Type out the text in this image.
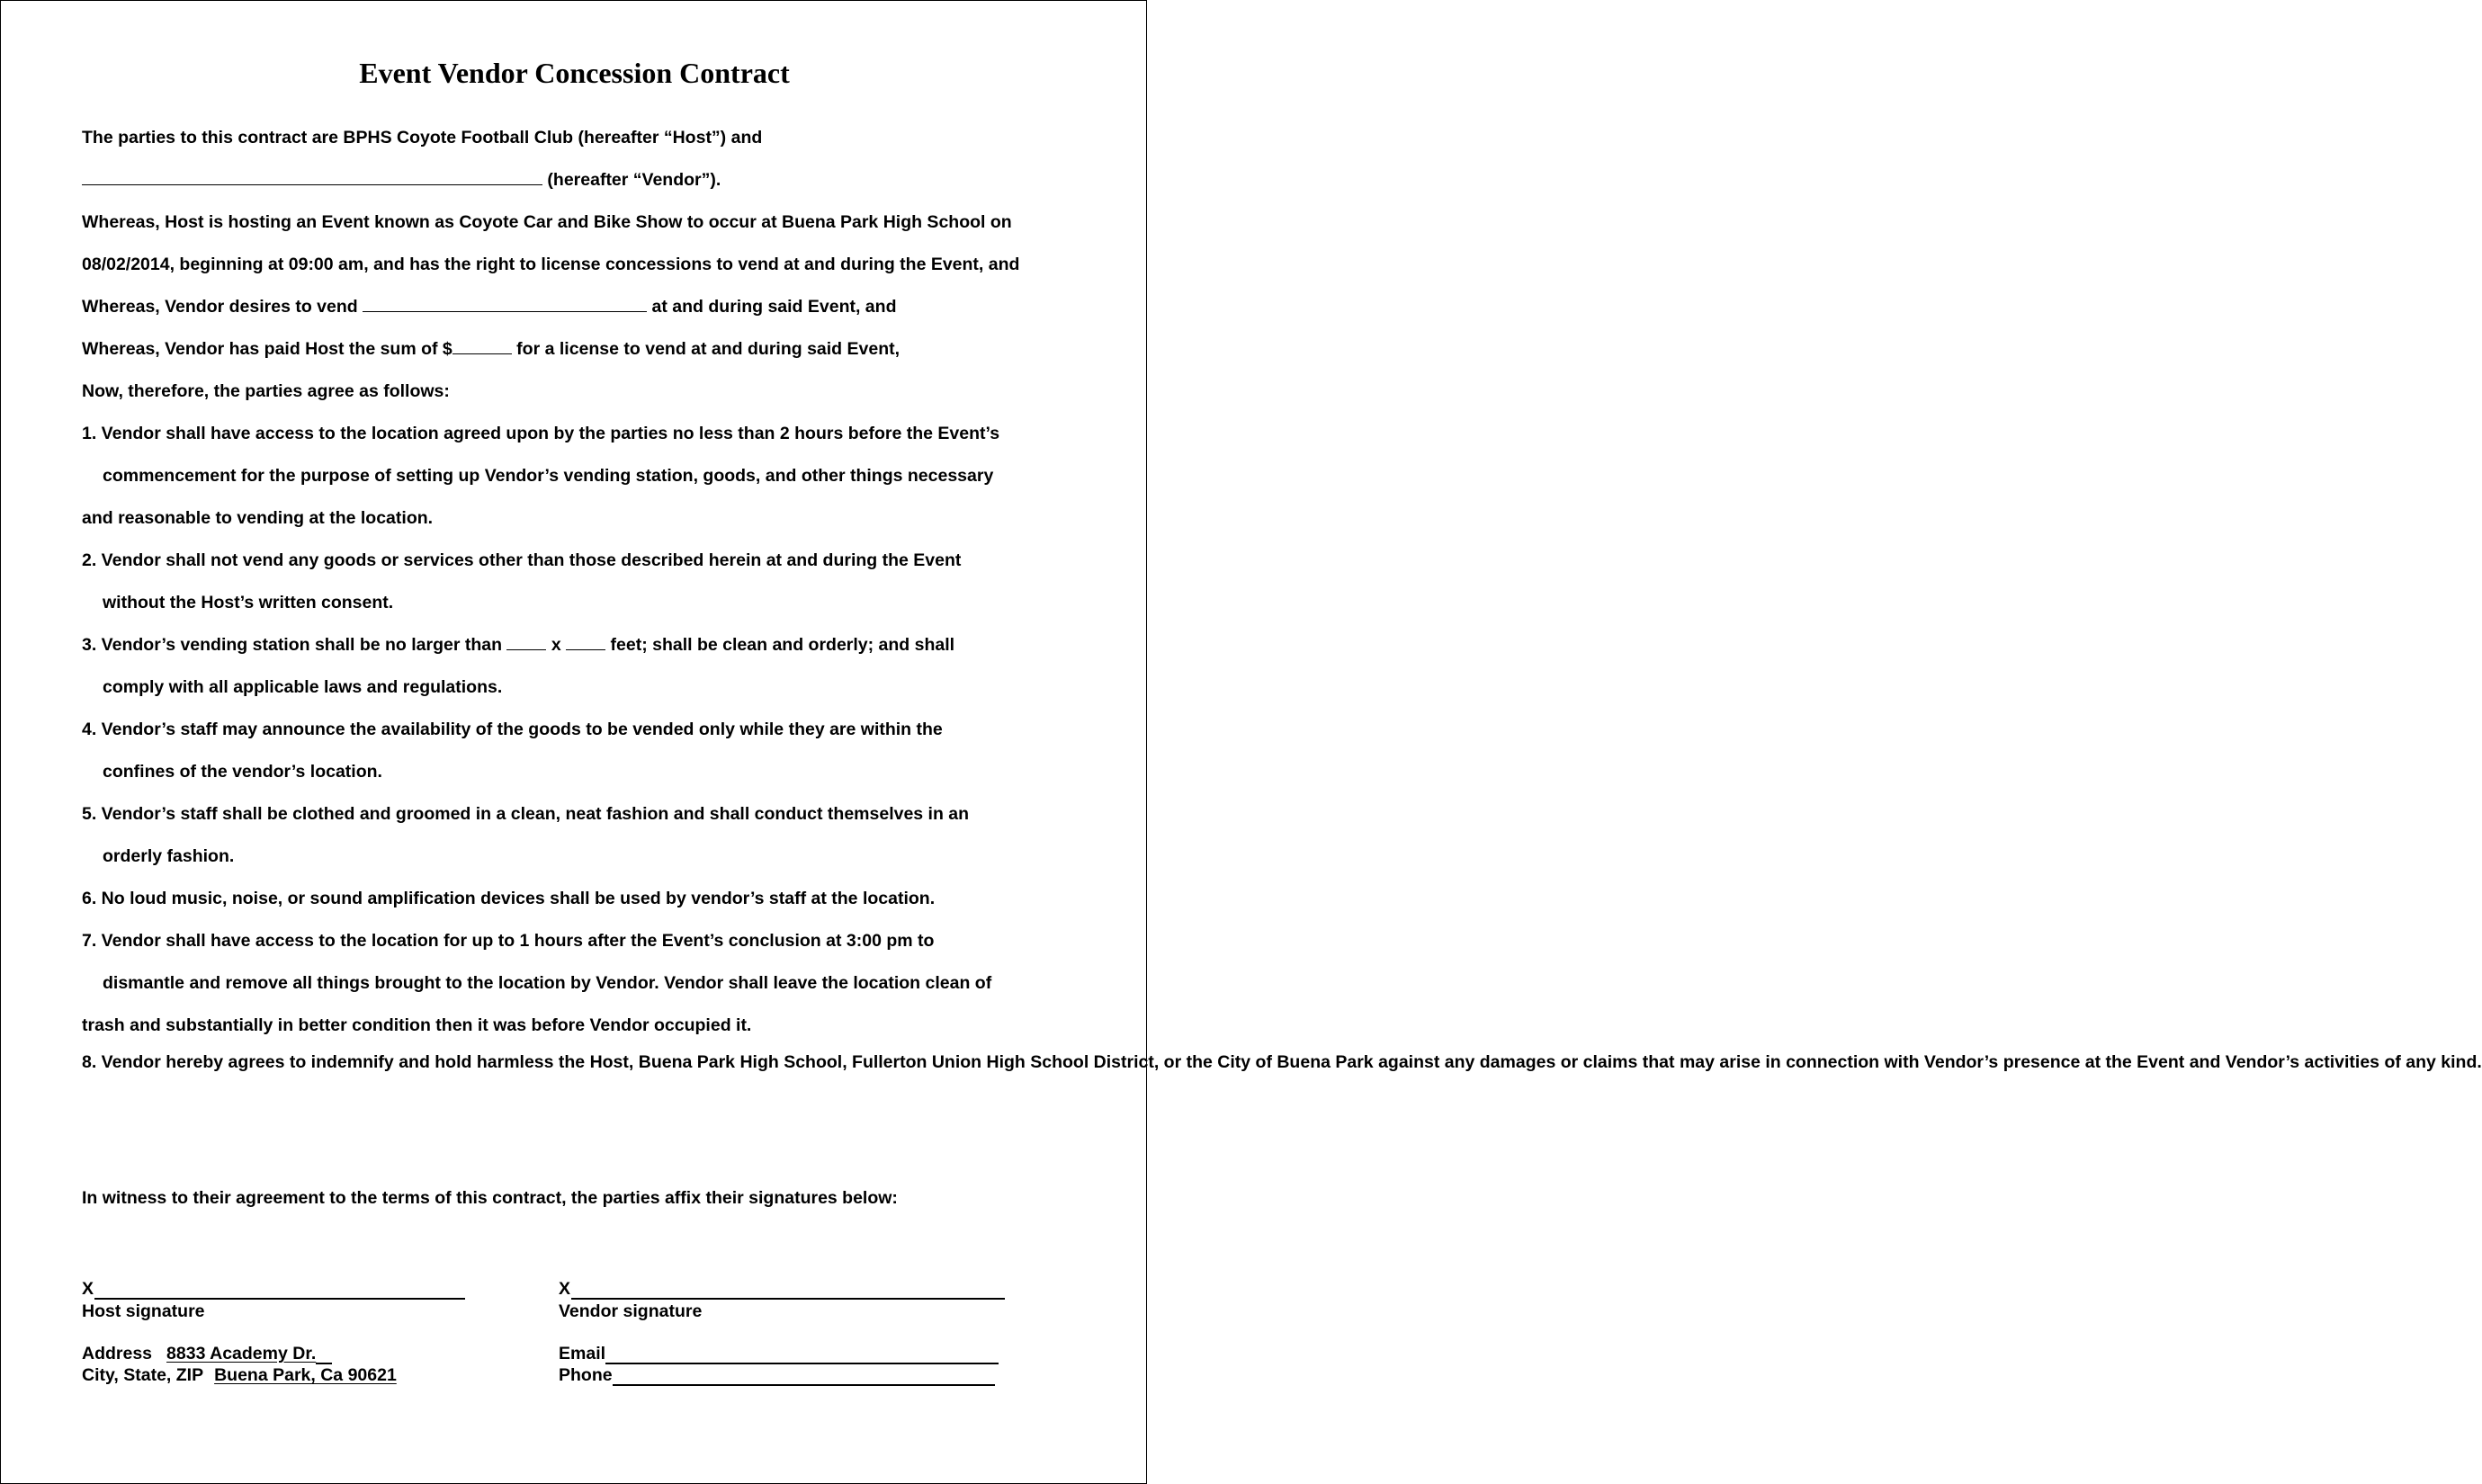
Event Vendor Concession Contract

The parties to this contract are BPHS Coyote Football Club (hereafter “Host”) and

(hereafter “Vendor”).

Whereas, Host is hosting an Event known as Coyote Car and Bike Show to occur at Buena Park High School on

08/02/2014, beginning at 09:00 am, and has the right to license concessions to vend at and during the Event, and

Whereas, Vendor desires to vend	at and during said Event, and

Whereas, Vendor has paid Host the sum of $	for a license to vend at and during said Event,

Now, therefore, the parties agree as follows:

1. Vendor shall have access to the location agreed upon by the parties no less than 2 hours before the Event’s

commencement for the purpose of setting up Vendor’s vending station, goods, and other things necessary

and reasonable to vending at the location.

2. Vendor shall not vend any goods or services other than those described herein at and during the Event

without the Host’s written consent.

3. Vendor’s vending station shall be no larger than  x  feet; shall be clean and orderly; and shall

comply with all applicable laws and regulations.

4. Vendor’s staff may announce the availability of the goods to be vended only while they are within the

confines of the vendor’s location.

5. Vendor’s staff shall be clothed and groomed in a clean, neat fashion and shall conduct themselves in an

orderly fashion.

6. No loud music, noise, or sound amplification devices shall be used by vendor’s staff at the location.

7. Vendor shall have access to the location for up to 1 hours after the Event’s conclusion at 3:00 pm to

dismantle and remove all things brought to the location by Vendor. Vendor shall leave the location clean of

trash and substantially in better condition then it was before Vendor occupied it.

8. Vendor hereby agrees to indemnify and hold harmless the Host, Buena Park High School, Fullerton Union High School District, or the City of Buena Park against any damages or claims that may arise in connection with Vendor’s presence at the Event and Vendor’s activities of any kind.

In witness to their agreement to the terms of this contract, the parties affix their signatures below:
X
Host signature
Address 8833 Academy Dr.
City, State, ZIP Buena Park, Ca 90621
X
Vendor signature
Email
Phone
